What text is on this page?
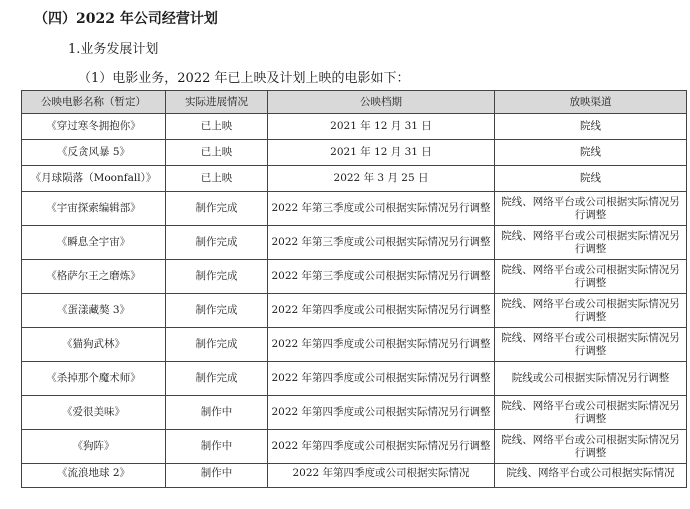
（四）2022 年公司经营计划
1.业务发展计划
（1）电影业务，2022 年已上映及计划上映的电影如下：
公映电影名称（暂定）	实际进展情况	公映档期	放映渠道
《穿过寒冬拥抱你》	已上映	2021 年 12 月 31 日	院线
《反贪风暴 5》	已上映	2021 年 12 月 31 日	院线
《月球陨落（Moonfall）》	已上映	2022 年 3 月 25 日	院线
《宇宙探索编辑部》	制作完成	2022 年第三季度或公司根据实际情况另行调整	院线、网络平台或公司根据实际情况另行调整
《瞬息全宇宙》	制作完成	2022 年第三季度或公司根据实际情况另行调整	院线、网络平台或公司根据实际情况另行调整
《格萨尔王之磨炼》	制作完成	2022 年第三季度或公司根据实际情况另行调整	院线、网络平台或公司根据实际情况另行调整
《蛋漾藏獒 3》	制作完成	2022 年第四季度或公司根据实际情况另行调整	院线、网络平台或公司根据实际情况另行调整
《猫狗武林》	制作完成	2022 年第四季度或公司根据实际情况另行调整	院线、网络平台或公司根据实际情况另行调整
《杀掉那个魔术师》	制作完成	2022 年第四季度或公司根据实际情况另行调整	院线或公司根据实际情况另行调整
《爱很美味》	制作中	2022 年第四季度或公司根据实际情况另行调整	院线、网络平台或公司根据实际情况另行调整
《狗阵》	制作中	2022 年第四季度或公司根据实际情况另行调整	院线、网络平台或公司根据实际情况另行调整
《流浪地球 2》	制作中	2022 年第四季度或公司根据实际情况	院线、网络平台或公司根据实际情况
